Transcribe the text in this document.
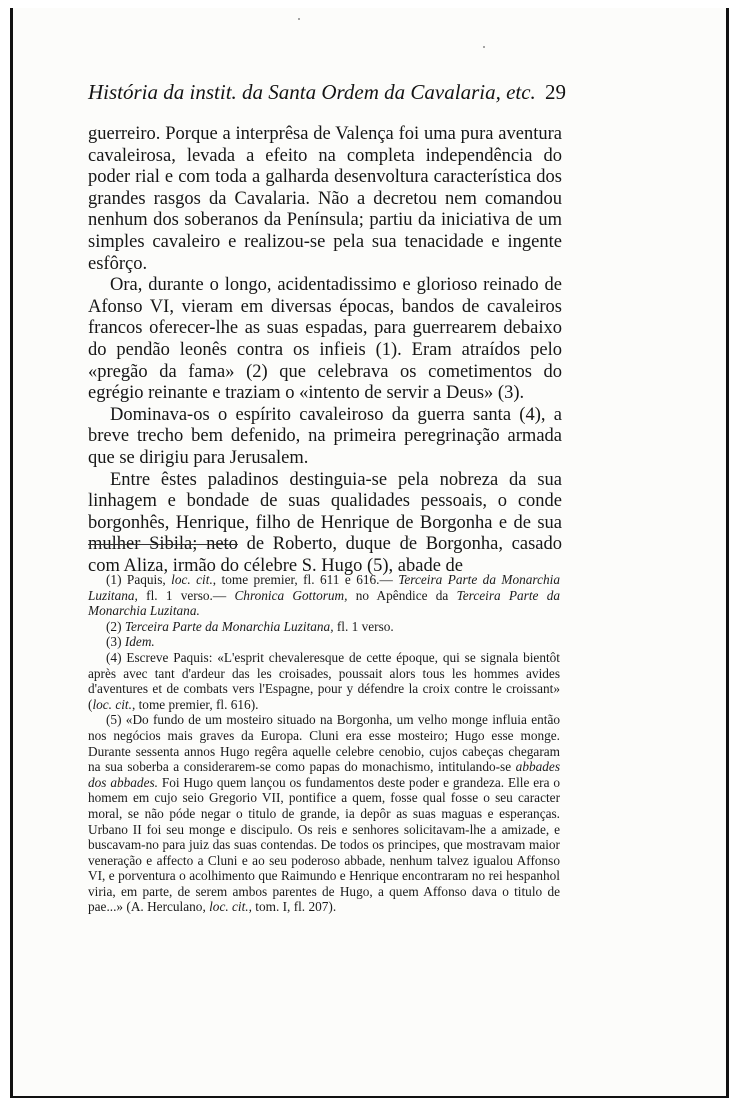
História da instit. da Santa Ordem da Cavalaria, etc. 29

guerreiro. Porque a interprêsa de Valença foi uma pura aventura cavaleirosa, levada a efeito na completa independência do poder rial e com toda a galharda desenvoltura característica dos grandes rasgos da Cavalaria. Não a decretou nem comandou nenhum dos soberanos da Península; partiu da iniciativa de um simples cavaleiro e realizou-se pela sua tenacidade e ingente esfôrço.

Ora, durante o longo, acidentadissimo e glorioso reinado de Afonso VI, vieram em diversas épocas, bandos de cavaleiros francos oferecer-lhe as suas espadas, para guerrearem debaixo do pendão leonês contra os infieis (1). Eram atraídos pelo «pregão da fama» (2) que celebrava os cometimentos do egrégio reinante e traziam o «intento de servir a Deus» (3).

Dominava-os o espírito cavaleiroso da guerra santa (4), a breve trecho bem defenido, na primeira peregrinação armada que se dirigiu para Jerusalem.

Entre êstes paladinos destinguia-se pela nobreza da sua linhagem e bondade de suas qualidades pessoais, o conde borgonhês, Henrique, filho de Henrique de Borgonha e de sua mulher Sibila; neto de Roberto, duque de Borgonha, casado com Aliza, irmão do célebre S. Hugo (5), abade de

(1) Paquis, loc. cit., tome premier, fl. 611 e 616.— Terceira Parte da Monarchia Luzitana, fl. 1 verso.— Chronica Gottorum, no Apêndice da Terceira Parte da Monarchia Luzitana.

(2) Terceira Parte da Monarchia Luzitana, fl. 1 verso.

(3) Idem.

(4) Escreve Paquis: «L'esprit chevaleresque de cette époque, qui se signala bientôt après avec tant d'ardeur das les croisades, poussait alors tous les hommes avides d'aventures et de combats vers l'Espagne, pour y défendre la croix contre le croissant» (loc. cit., tome premier, fl. 616).

(5) «Do fundo de um mosteiro situado na Borgonha, um velho monge influia então nos negócios mais graves da Europa. Cluni era esse mosteiro; Hugo esse monge. Durante sessenta annos Hugo regêra aquelle celebre cenobio, cujos cabeças chegaram na sua soberba a considerarem-se como papas do monachismo, intitulando-se abbades dos abbades. Foi Hugo quem lançou os fundamentos deste poder e grandeza. Elle era o homem em cujo seio Gregorio VII, pontifice a quem, fosse qual fosse o seu caracter moral, se não póde negar o titulo de grande, ia depôr as suas maguas e esperanças. Urbano II foi seu monge e discipulo. Os reis e senhores solicitavam-lhe a amizade, e buscavam-no para juiz das suas contendas. De todos os principes, que mostravam maior veneração e affecto a Cluni e ao seu poderoso abbade, nenhum talvez igualou Affonso VI, e porventura o acolhimento que Raimundo e Henrique encontraram no rei hespanhol viria, em parte, de serem ambos parentes de Hugo, a quem Affonso dava o titulo de pae...» (A. Herculano, loc. cit., tom. I, fl. 207).
